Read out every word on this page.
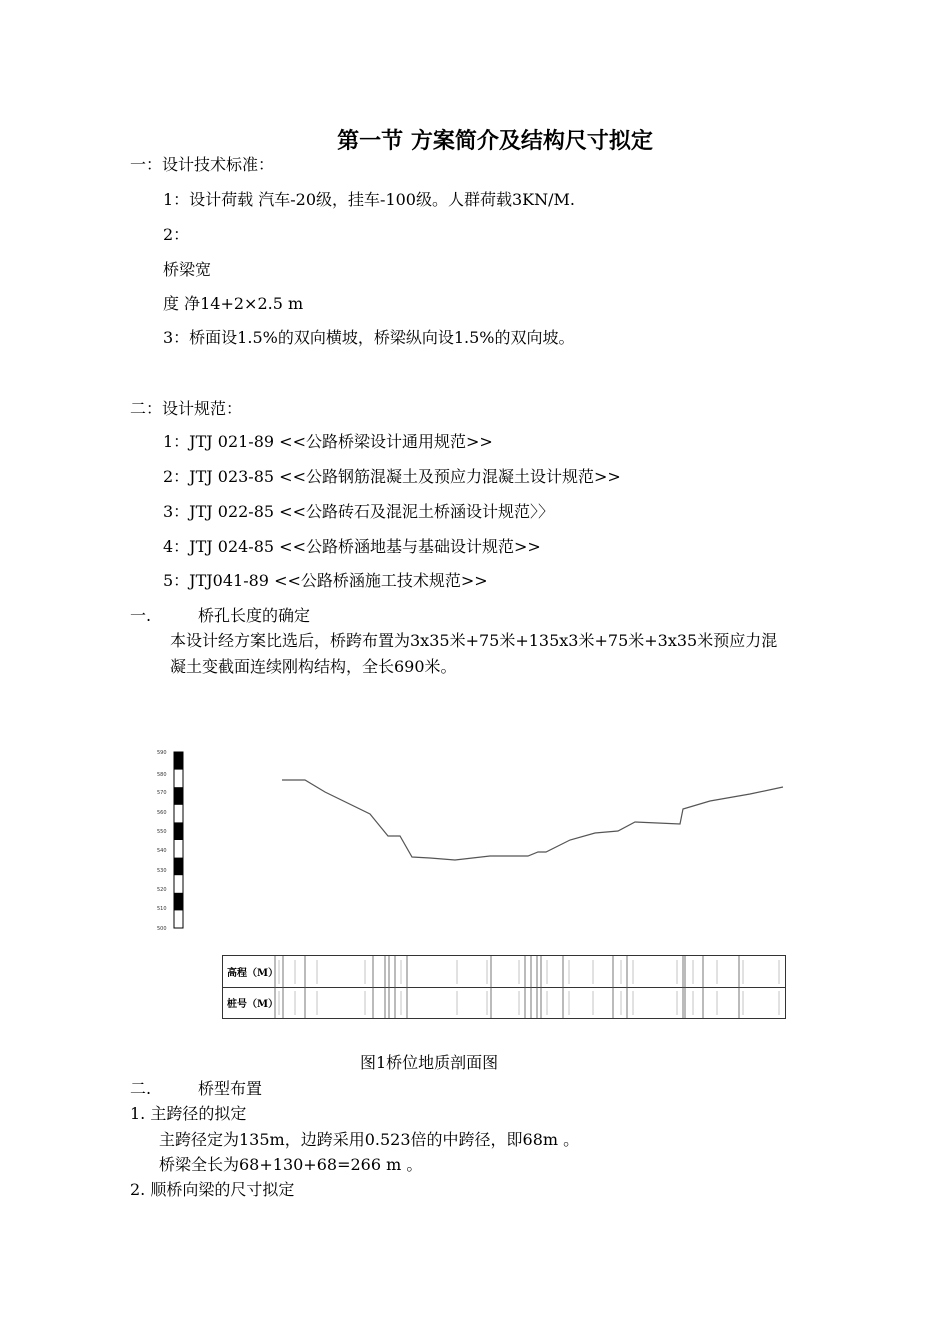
第一节 方案简介及结构尺寸拟定
一：设计技术标准：
1：设计荷载 汽车-20级，挂车-100级。人群荷载3KN/M.
2：
桥梁宽
度 净14+2×2.5 m
3：桥面设1.5%的双向横坡，桥梁纵向设1.5%的双向坡。
二：设计规范：
1：JTJ 021-89 <<公路桥梁设计通用规范>>
2：JTJ 023-85 <<公路钢筋混凝土及预应力混凝土设计规范>>
3：JTJ 022-85 <<公路砖石及混泥土桥涵设计规范〉〉
4：JTJ 024-85 <<公路桥涵地基与基础设计规范>>
5：JTJ041-89 <<公路桥涵施工技术规范>>
一.	桥孔长度的确定
本设计经方案比选后，桥跨布置为3x35米+75米+135x3米+75米+3x35米预应力混
凝土变截面连续刚构结构，全长690米。
590
580
570
560
550
540
530
520
510
500
高程（M）
桩号（M）
图1桥位地质剖面图
二.	桥型布置
1. 主跨径的拟定
主跨径定为135m，边跨采用0.523倍的中跨径，即68m 。
桥梁全长为68+130+68=266 m 。
2. 顺桥向梁的尺寸拟定
